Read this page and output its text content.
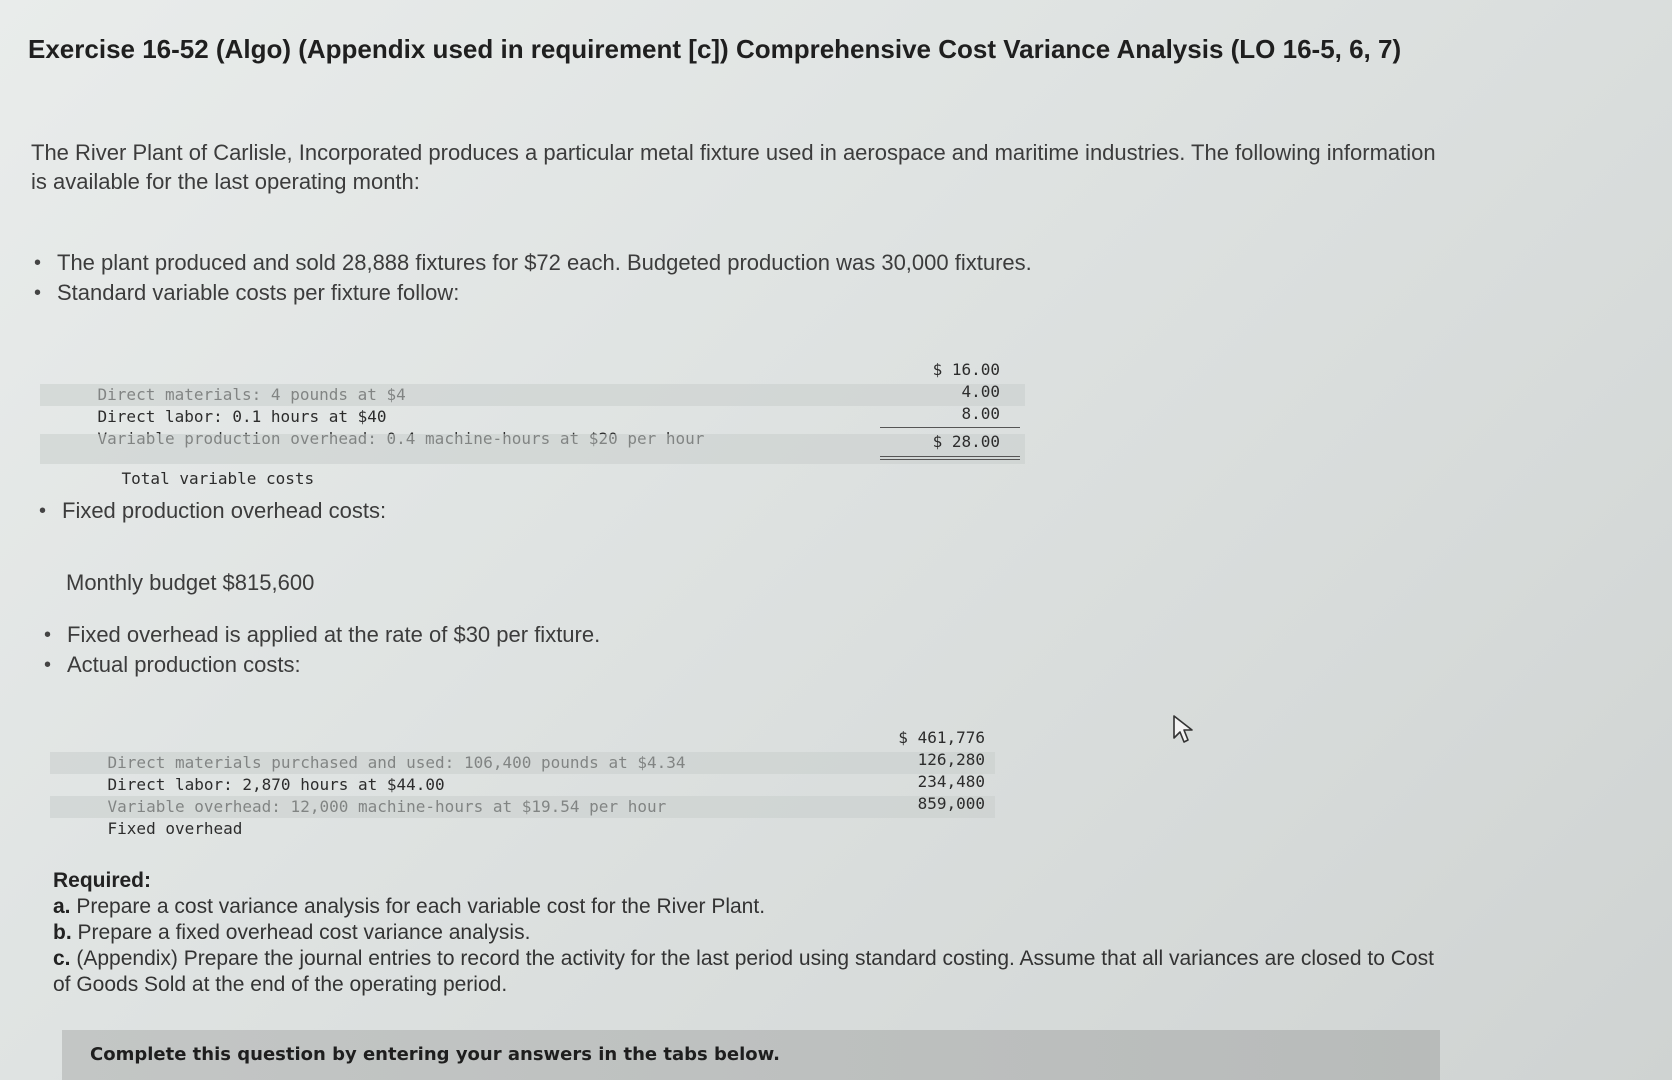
Exercise 16-52 (Algo) (Appendix used in requirement [c]) Comprehensive Cost Variance Analysis (LO 16-5, 6, 7)

The River Plant of Carlisle, Incorporated produces a particular metal fixture used in aerospace and maritime industries. The following information is available for the last operating month:

• The plant produced and sold 28,888 fixtures for $72 each. Budgeted production was 30,000 fixtures.
• Standard variable costs per fixture follow:

Direct labor: 0.1 hours at $40

Total variable costs

$ 16.00
4.00
8.00
$ 28.00
• Fixed production overhead costs:
Monthly budget $815,600
• Fixed overhead is applied at the rate of $30 per fixture.
• Actual production costs:

Direct labor: 2,870 hours at $44.00

Fixed overhead

$ 461,776
126,280
234,480
859,000
Required:
a. Prepare a cost variance analysis for each variable cost for the River Plant.
b. Prepare a fixed overhead cost variance analysis.
c. (Appendix) Prepare the journal entries to record the activity for the last period using standard costing. Assume that all variances are closed to Cost of Goods Sold at the end of the operating period.
Complete this question by entering your answers in the tabs below.
